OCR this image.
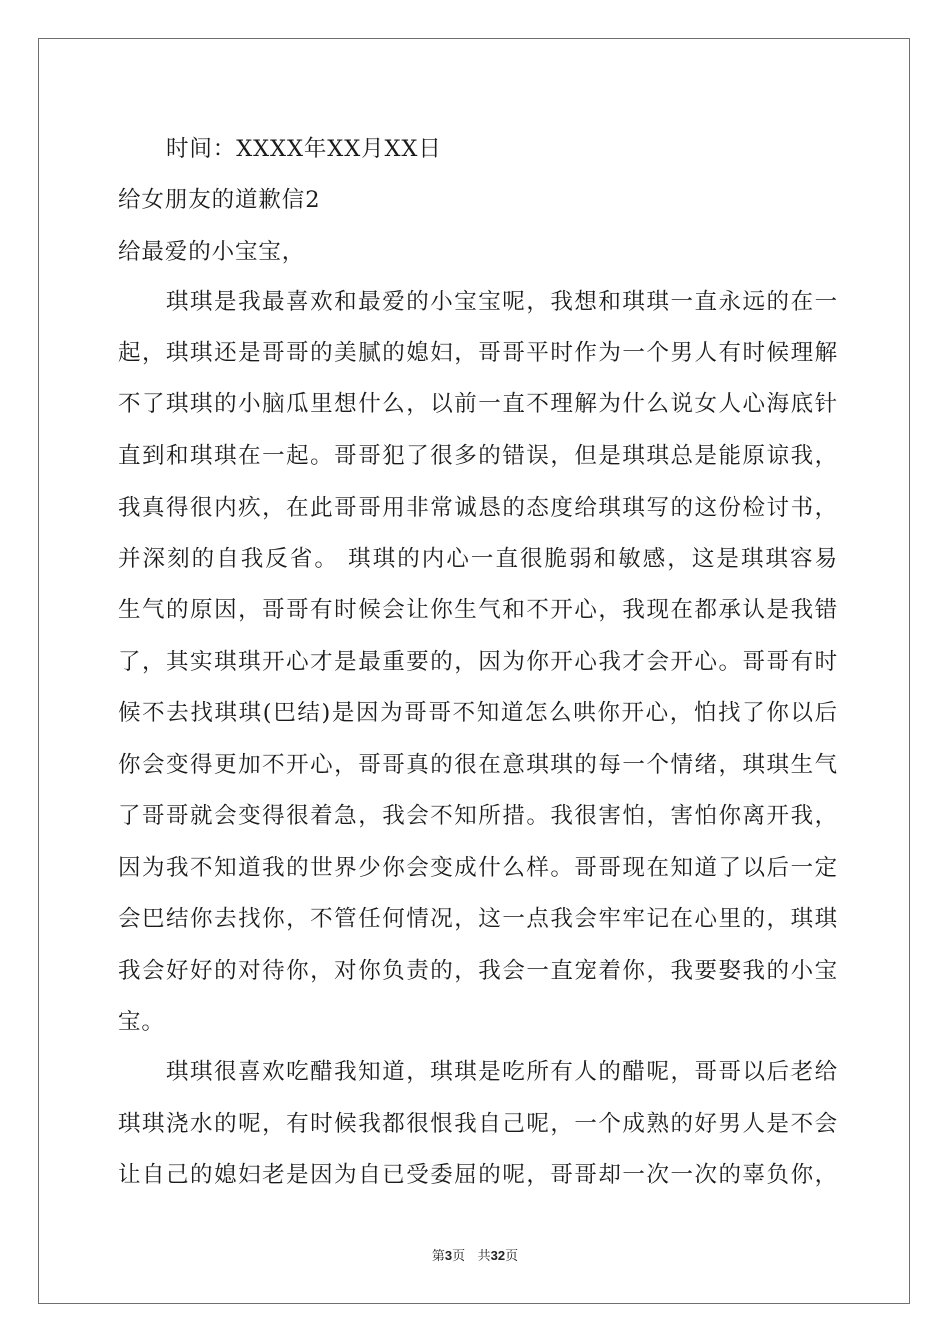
时间：XXXX年XX月XX日
给女朋友的道歉信2
给最爱的小宝宝，
琪琪是我最喜欢和最爱的小宝宝呢，我想和琪琪一直永远的在一
起，琪琪还是哥哥的美腻的媳妇，哥哥平时作为一个男人有时候理解
不了琪琪的小脑瓜里想什么，以前一直不理解为什么说女人心海底针
直到和琪琪在一起。哥哥犯了很多的错误，但是琪琪总是能原谅我，
我真得很内疚，在此哥哥用非常诚恳的态度给琪琪写的这份检讨书，
并深刻的自我反省。 琪琪的内心一直很脆弱和敏感，这是琪琪容易
生气的原因，哥哥有时候会让你生气和不开心，我现在都承认是我错
了，其实琪琪开心才是最重要的，因为你开心我才会开心。哥哥有时
候不去找琪琪(巴结)是因为哥哥不知道怎么哄你开心，怕找了你以后
你会变得更加不开心，哥哥真的很在意琪琪的每一个情绪，琪琪生气
了哥哥就会变得很着急，我会不知所措。我很害怕，害怕你离开我，
因为我不知道我的世界少你会变成什么样。哥哥现在知道了以后一定
会巴结你去找你，不管任何情况，这一点我会牢牢记在心里的，琪琪
我会好好的对待你，对你负责的，我会一直宠着你，我要娶我的小宝
宝。
琪琪很喜欢吃醋我知道，琪琪是吃所有人的醋呢，哥哥以后老给
琪琪浇水的呢，有时候我都很恨我自己呢，一个成熟的好男人是不会
让自己的媳妇老是因为自已受委屈的呢，哥哥却一次一次的辜负你，
第3页 共32页
